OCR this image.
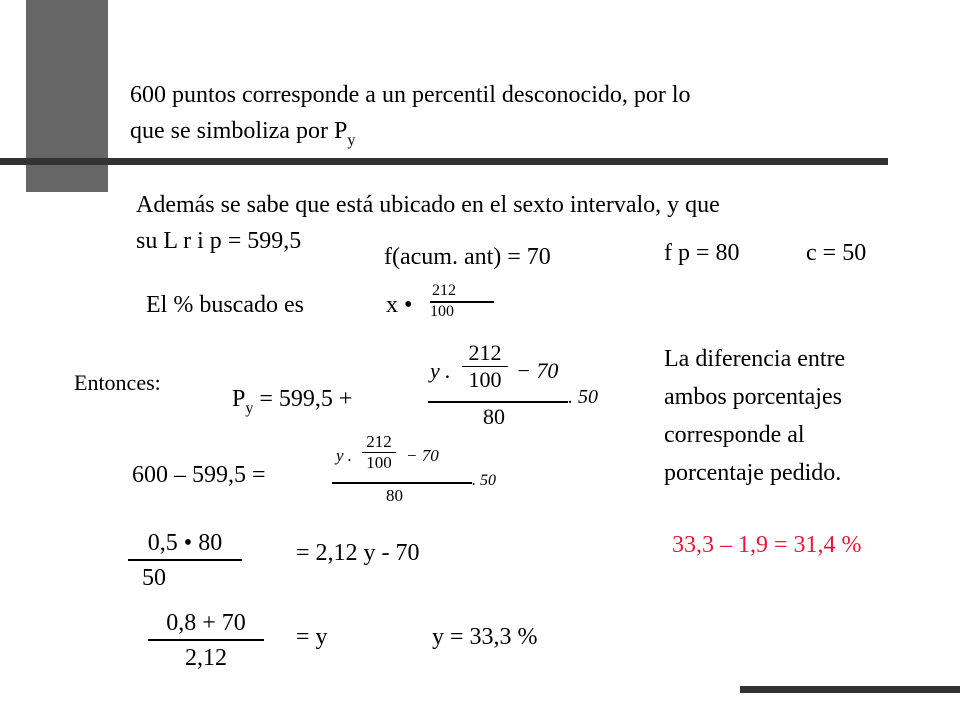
600 puntos corresponde a un percentil desconocido, por lo
que se simboliza por $P_y$
Además se sabe que está ubicado en el sexto intervalo, y que
su L r i p = 599,5
f(acum. ant) = 70	f p = 80	c = 50
El % buscado es	x •
212
100
La diferencia entre
ambos porcentajes
corresponde al
porcentaje pedido.
Entonces:
$P_y = 599,5$ +
y .
212
100 − 70
80
. 50
600 – 599,5 =
y .
212
100 − 70
80
. 50
0,5 • 80
50
= 2,12 y - 70
0,8 + 70
2,12
= y	y = 33,3 %
33,3 – 1,9 = 31,4 %
